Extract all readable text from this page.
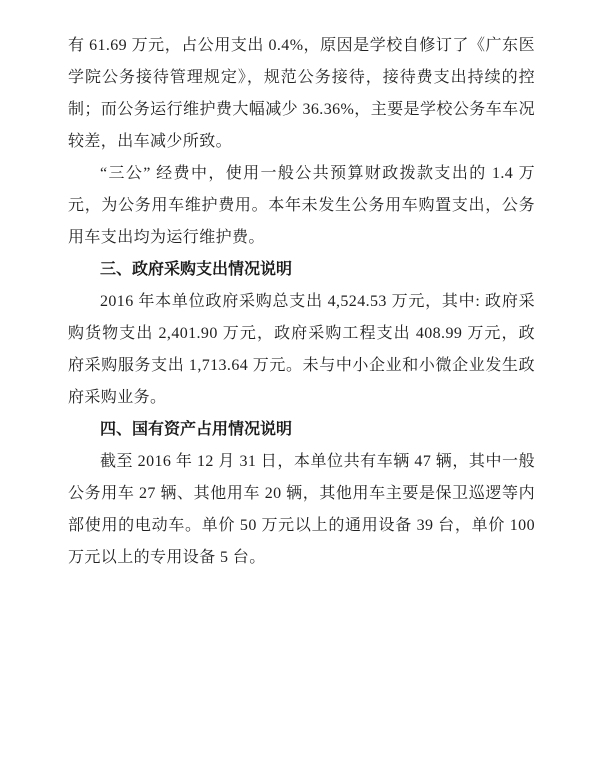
有 61.69 万元，占公用支出 0.4%，原因是学校自修订了《广东医学院公务接待管理规定》，规范公务接待，接待费支出持续的控制；而公务运行维护费大幅减少 36.36%，主要是学校公务车车况较差，出车减少所致。

“三公” 经费中，使用一般公共预算财政拨款支出的 1.4 万元，为公务用车维护费用。本年未发生公务用车购置支出，公务用车支出均为运行维护费。

三、政府采购支出情况说明

2016 年本单位政府采购总支出 4,524.53 万元，其中: 政府采购货物支出 2,401.90 万元，政府采购工程支出 408.99 万元，政府采购服务支出 1,713.64 万元。未与中小企业和小微企业发生政府采购业务。

四、国有资产占用情况说明

截至 2016 年 12 月 31 日，本单位共有车辆 47 辆，其中一般公务用车 27 辆、其他用车 20 辆，其他用车主要是保卫巡逻等内部使用的电动车。单价 50 万元以上的通用设备 39 台，单价 100 万元以上的专用设备 5 台。
